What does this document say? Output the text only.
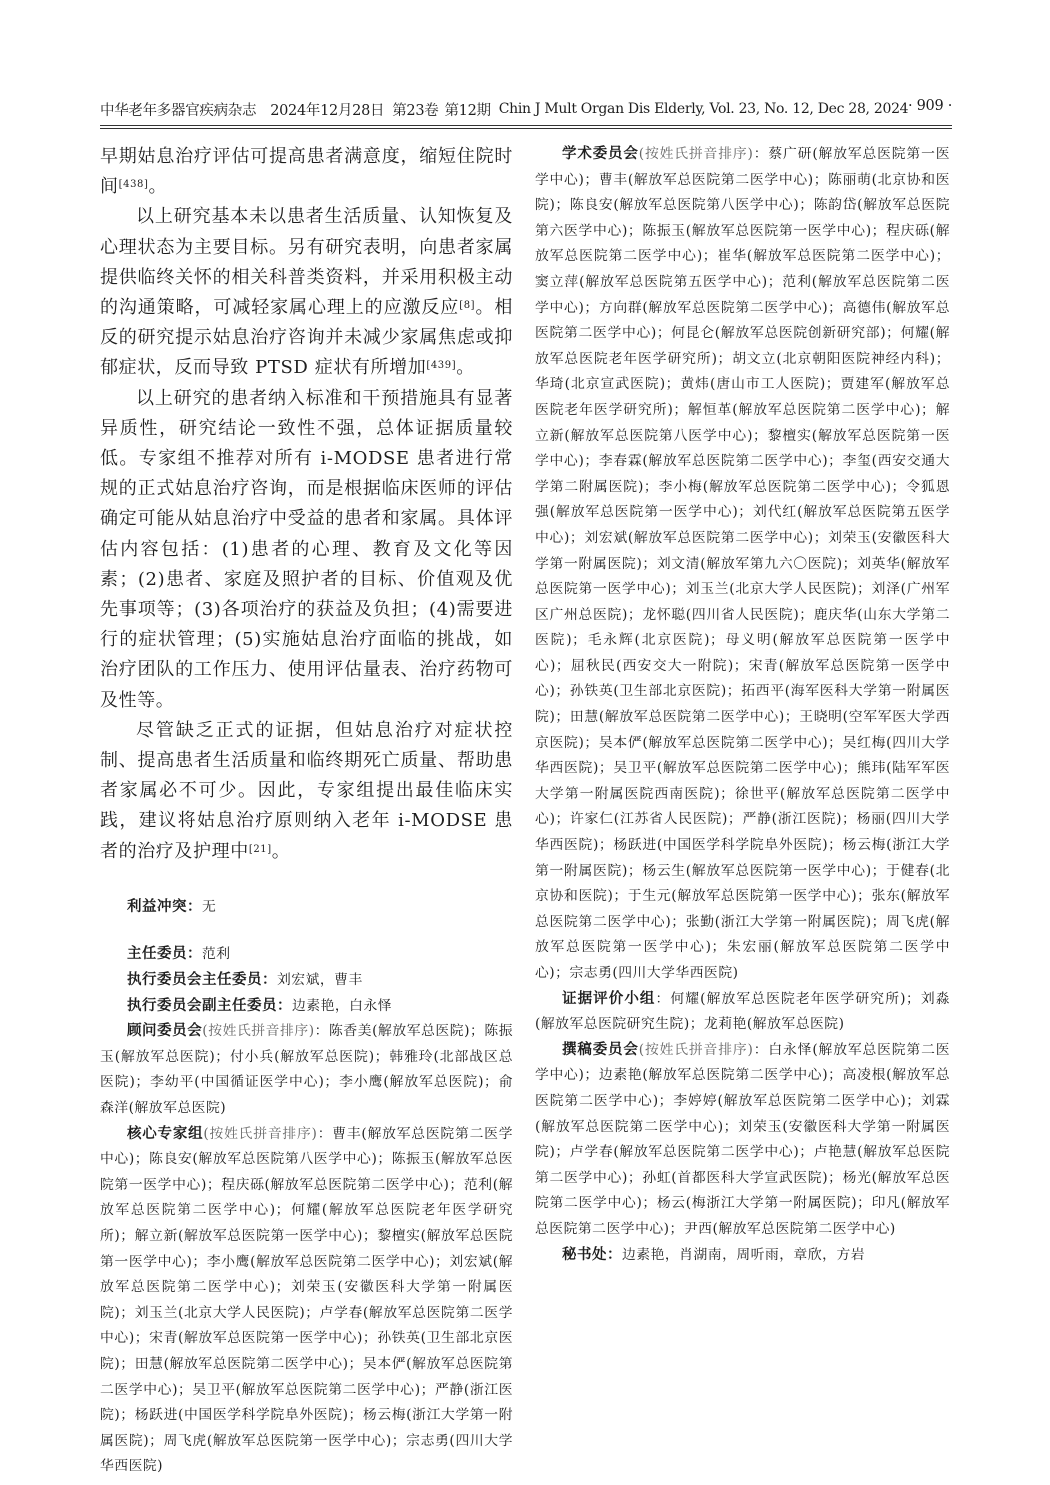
中华老年多器官疾病杂志 2024年12月28日 第23卷 第12期 Chin J Mult Organ Dis Elderly, Vol. 23, No. 12, Dec 28, 2024 · 909 ·

早期姑息治疗评估可提高患者满意度，缩短住院时间[438]。

以上研究基本未以患者生活质量、认知恢复及心理状态为主要目标。另有研究表明，向患者家属提供临终关怀的相关科普类资料，并采用积极主动的沟通策略，可减轻家属心理上的应激反应[8]。相反的研究提示姑息治疗咨询并未减少家属焦虑或抑郁症状，反而导致 PTSD 症状有所增加[439]。

以上研究的患者纳入标准和干预措施具有显著异质性，研究结论一致性不强，总体证据质量较低。专家组不推荐对所有 i-MODSE 患者进行常规的正式姑息治疗咨询，而是根据临床医师的评估确定可能从姑息治疗中受益的患者和家属。具体评估内容包括：(1)患者的心理、教育及文化等因素；(2)患者、家庭及照护者的目标、价值观及优先事项等；(3)各项治疗的获益及负担；(4)需要进行的症状管理；(5)实施姑息治疗面临的挑战，如治疗团队的工作压力、使用评估量表、治疗药物可及性等。

尽管缺乏正式的证据，但姑息治疗对症状控制、提高患者生活质量和临终期死亡质量、帮助患者家属必不可少。因此，专家组提出最佳临床实践，建议将姑息治疗原则纳入老年 i-MODSE 患者的治疗及护理中[21]。

利益冲突：无

主任委员：范利

执行委员会主任委员：刘宏斌，曹丰

执行委员会副主任委员：边素艳，白永怿

顾问委员会(按姓氏拼音排序)：陈香美(解放军总医院)；陈振玉(解放军总医院)；付小兵(解放军总医院)；韩雅玲(北部战区总医院)；李幼平(中国循证医学中心)；李小鹰(解放军总医院)；俞森洋(解放军总医院)

核心专家组(按姓氏拼音排序)：曹丰(解放军总医院第二医学中心)；陈良安(解放军总医院第八医学中心)；陈振玉(解放军总医院第一医学中心)；程庆砾(解放军总医院第二医学中心)；范利(解放军总医院第二医学中心)；何耀(解放军总医院老年医学研究所)；解立新(解放军总医院第一医学中心)；黎檀实(解放军总医院第一医学中心)；李小鹰(解放军总医院第二医学中心)；刘宏斌(解放军总医院第二医学中心)；刘荣玉(安徽医科大学第一附属医院)；刘玉兰(北京大学人民医院)；卢学春(解放军总医院第二医学中心)；宋青(解放军总医院第一医学中心)；孙铁英(卫生部北京医院)；田慧(解放军总医院第二医学中心)；吴本俨(解放军总医院第二医学中心)；吴卫平(解放军总医院第二医学中心)；严静(浙江医院)；杨跃进(中国医学科学院阜外医院)；杨云梅(浙江大学第一附属医院)；周飞虎(解放军总医院第一医学中心)；宗志勇(四川大学华西医院)

学术委员会(按姓氏拼音排序)：蔡广研(解放军总医院第一医学中心)；曹丰(解放军总医院第二医学中心)；陈丽萌(北京协和医院)；陈良安(解放军总医院第八医学中心)；陈韵岱(解放军总医院第六医学中心)；陈振玉(解放军总医院第一医学中心)；程庆砾(解放军总医院第二医学中心)；崔华(解放军总医院第二医学中心)；窦立萍(解放军总医院第五医学中心)；范利(解放军总医院第二医学中心)；方向群(解放军总医院第二医学中心)；高德伟(解放军总医院第二医学中心)；何昆仑(解放军总医院创新研究部)；何耀(解放军总医院老年医学研究所)；胡文立(北京朝阳医院神经内科)；华琦(北京宣武医院)；黄炜(唐山市工人医院)；贾建军(解放军总医院老年医学研究所)；解恒革(解放军总医院第二医学中心)；解立新(解放军总医院第八医学中心)；黎檀实(解放军总医院第一医学中心)；李春霖(解放军总医院第二医学中心)；李玺(西安交通大学第二附属医院)；李小梅(解放军总医院第二医学中心)；令狐恩强(解放军总医院第一医学中心)；刘代红(解放军总医院第五医学中心)；刘宏斌(解放军总医院第二医学中心)；刘荣玉(安徽医科大学第一附属医院)；刘文清(解放军第九六〇医院)；刘英华(解放军总医院第一医学中心)；刘玉兰(北京大学人民医院)；刘泽(广州军区广州总医院)；龙怀聪(四川省人民医院)；鹿庆华(山东大学第二医院)；毛永辉(北京医院)；母义明(解放军总医院第一医学中心)；屈秋民(西安交大一附院)；宋青(解放军总医院第一医学中心)；孙铁英(卫生部北京医院)；拓西平(海军医科大学第一附属医院)；田慧(解放军总医院第二医学中心)；王晓明(空军军医大学西京医院)；吴本俨(解放军总医院第二医学中心)；吴红梅(四川大学华西医院)；吴卫平(解放军总医院第二医学中心)；熊玮(陆军军医大学第一附属医院西南医院)；徐世平(解放军总医院第二医学中心)；许家仁(江苏省人民医院)；严静(浙江医院)；杨丽(四川大学华西医院)；杨跃进(中国医学科学院阜外医院)；杨云梅(浙江大学第一附属医院)；杨云生(解放军总医院第一医学中心)；于健春(北京协和医院)；于生元(解放军总医院第一医学中心)；张东(解放军总医院第二医学中心)；张勤(浙江大学第一附属医院)；周飞虎(解放军总医院第一医学中心)；朱宏丽(解放军总医院第二医学中心)；宗志勇(四川大学华西医院)

证据评价小组：何耀(解放军总医院老年医学研究所)；刘淼(解放军总医院研究生院)；龙莉艳(解放军总医院)

撰稿委员会(按姓氏拼音排序)：白永怿(解放军总医院第二医学中心)；边素艳(解放军总医院第二医学中心)；高凌根(解放军总医院第二医学中心)；李婷婷(解放军总医院第二医学中心)；刘霖(解放军总医院第二医学中心)；刘荣玉(安徽医科大学第一附属医院)；卢学春(解放军总医院第二医学中心)；卢艳慧(解放军总医院第二医学中心)；孙虹(首都医科大学宣武医院)；杨光(解放军总医院第二医学中心)；杨云(梅浙江大学第一附属医院)；印凡(解放军总医院第二医学中心)；尹西(解放军总医院第二医学中心)

秘书处：边素艳，肖湖南，周听雨，章欣，方岩
